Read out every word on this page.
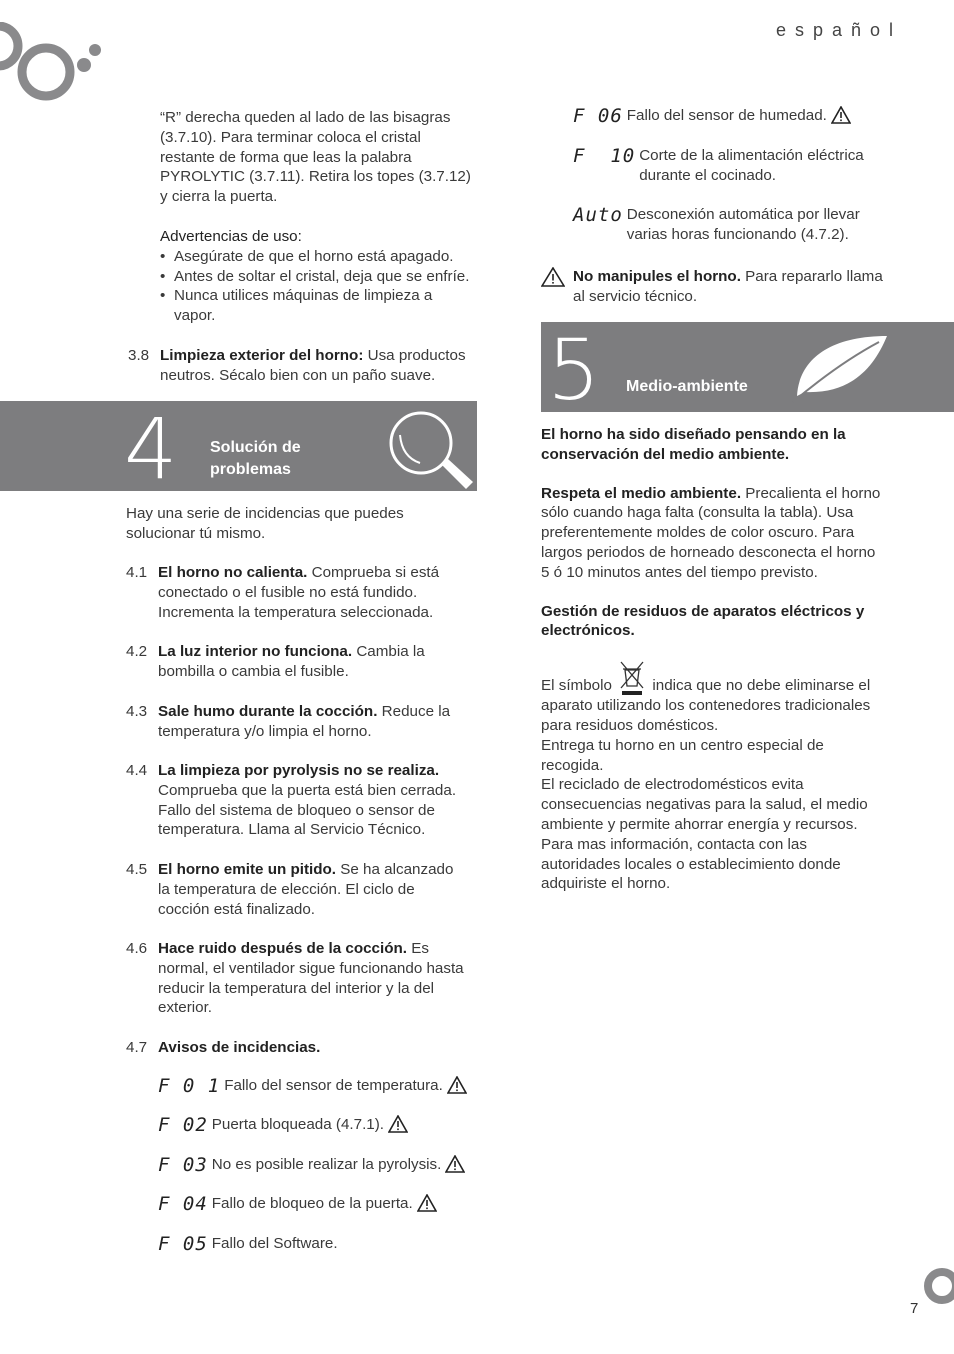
español
“R” derecha queden al lado de las bisagras
(3.7.10). Para terminar coloca el cristal
restante de forma que leas la palabra
PYROLYTIC (3.7.11). Retira los topes (3.7.12)
y cierra la puerta.
Advertencias de uso:
• Asegúrate de que el horno está apagado.
• Antes de soltar el cristal, deja que se enfríe.
• Nunca utilices máquinas de limpieza a vapor.
3.8 Limpieza exterior del horno: Usa productos neutros. Sécalo bien con un paño suave.
4 Solución de
problemas
Hay una serie de incidencias que puedes solucionar tú mismo.
4.1 El horno no calienta. Comprueba si está conectado o el fusible no está fundido. Incrementa la temperatura seleccionada.
4.2 La luz interior no funciona. Cambia la bombilla o cambia el fusible.
4.3 Sale humo durante la cocción. Reduce la temperatura y/o limpia el horno.
4.4 La limpieza por pyrolysis no se realiza. Comprueba que la puerta está bien cerrada. Fallo del sistema de bloqueo o sensor de temperatura. Llama al Servicio Técnico.
4.5 El horno emite un pitido. Se ha alcanzado la temperatura de elección. El ciclo de cocción está finalizado.
4.6 Hace ruido después de la cocción. Es normal, el ventilador sigue funcionando hasta reducir la temperatura del interior y la del exterior.
4.7 Avisos de incidencias.
F 0 1 Fallo del sensor de temperatura.
F 02 Puerta bloqueada (4.7.1).
F 03 No es posible realizar la pyrolysis.
F 04 Fallo de bloqueo de la puerta.
F 05 Fallo del Software.
F 06 Fallo del sensor de humedad.
F  10 Corte de la alimentación eléctrica durante el cocinado.
Auto Desconexión automática por llevar varias horas funcionando (4.7.2).
No manipules el horno. Para repararlo llama al servicio técnico.
5 Medio-ambiente
El horno ha sido diseñado pensando en la conservación del medio ambiente.
Respeta el medio ambiente. Precalienta el horno sólo cuando haga falta (consulta la tabla). Usa preferentemente moldes de color oscuro. Para largos periodos de horneado desconecta el horno 5 ó 10 minutos antes del tiempo previsto.
Gestión de residuos de aparatos eléctricos y electrónicos.
El símbolo	indica que no debe eliminarse el aparato utilizando los contenedores tradicionales para residuos domésticos.
Entrega tu horno en un centro especial de recogida.
El reciclado de electrodomésticos evita consecuencias negativas para la salud, el medio ambiente y permite ahorrar energía y recursos.
Para mas información, contacta con las autoridades locales o establecimiento donde adquiriste el horno.
7
